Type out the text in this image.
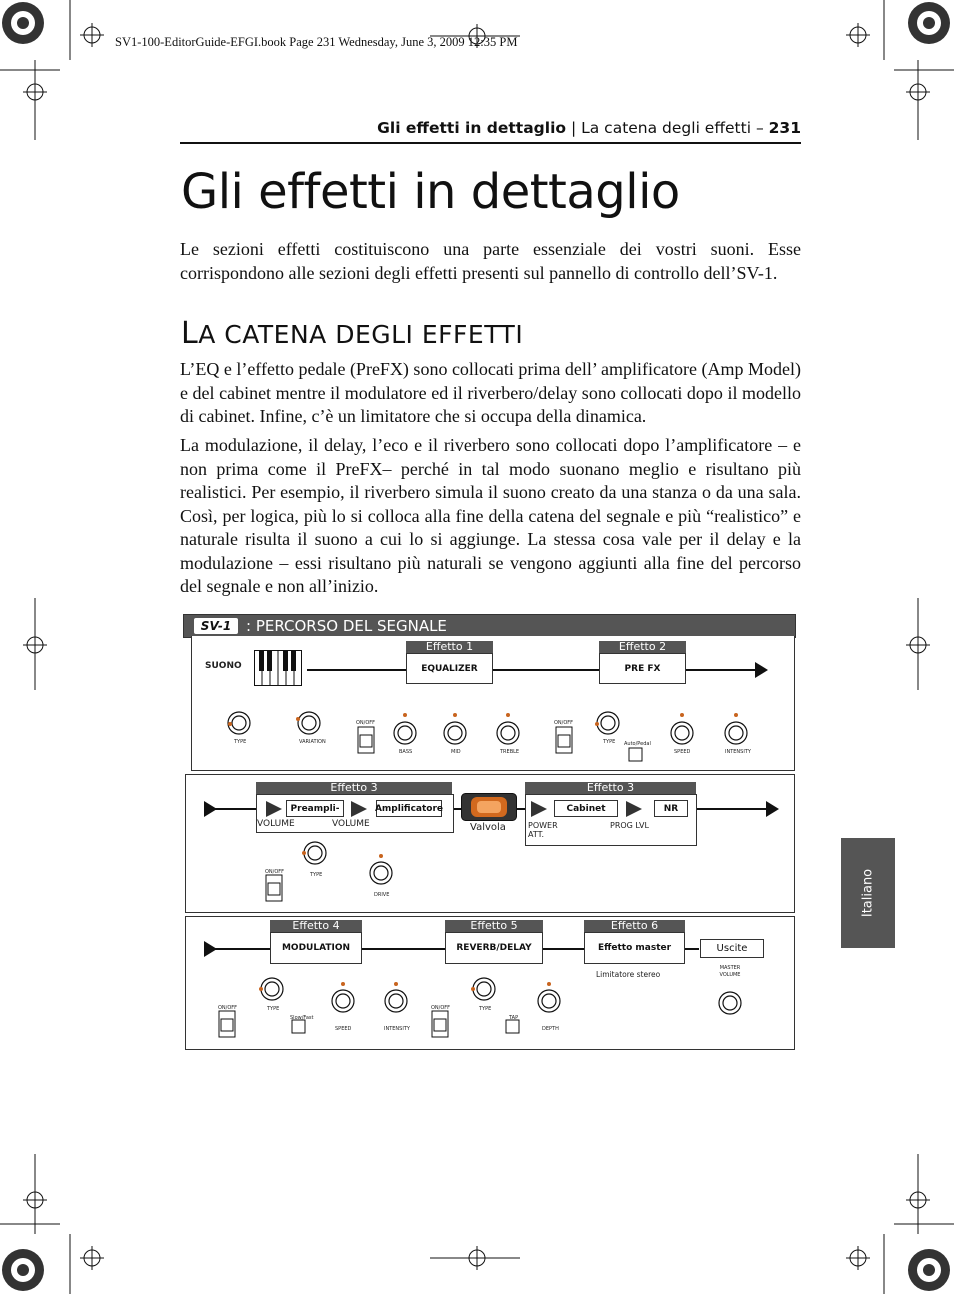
SV1-100-EditorGuide-EFGI.book Page 231 Wednesday, June 3, 2009 12:35 PM
Gli effetti in dettaglio | La catena degli effetti – 231
Gli effetti in dettaglio
Le sezioni effetti costituiscono una parte essenziale dei vostri suoni. Esse corrispondono alle sezioni degli effetti presenti sul pannello di controllo dell’SV-1.
LA CATENA DEGLI EFFETTI
L’EQ e l’effetto pedale (PreFX) sono collocati prima dell’ amplificatore (Amp Model) e del cabinet mentre il modulatore ed il riverbero/delay sono collocati dopo il modello di cabinet. Infine, c’è un limitatore che si occupa della dinamica.
La modulazione, il delay, l’eco e il riverbero sono collocati dopo l’amplificatore – e non prima come il PreFX– perché in tal modo suonano meglio e risultano più realistici. Per esempio, il riverbero simula il suono creato da una stanza o da una sala. Così, per logica, più lo si colloca alla fine della catena del segnale e più “realistico” e naturale risulta il suono a cui lo si aggiunge. La stessa cosa vale per il delay e la modulazione – essi risultano più naturali se vengono aggiunti alla fine del percorso del segnale e non all’inizio.
Italiano
SV-1 : PERCORSO DEL SEGNALE
SUONO
Effetto 1
EQUALIZER
Effetto 2
PRE FX
TYPE	VARIATION
BASS	MID	TREBLE
TYPE
SPEED	INTENSITY
ON/OFF	ON/OFF
Auto/Pedal
Effetto 3
Preampli-	Amplificatore
VOLUME	VOLUME	Valvola
Effetto 3
Cabinet	NR
POWER ATT.
PROG LVL
TYPE
DRIVE
ON/OFF
Effetto 4
MODULATION
Effetto 5
REVERB/DELAY
Effetto 6
Effetto master	Uscite
Limitatore stereo
MASTER VOLUME
TYPE
SPEED	INTENSITY
TYPE
DEPTH
Slow/Fast	TAP
ON/OFF	ON/OFF
